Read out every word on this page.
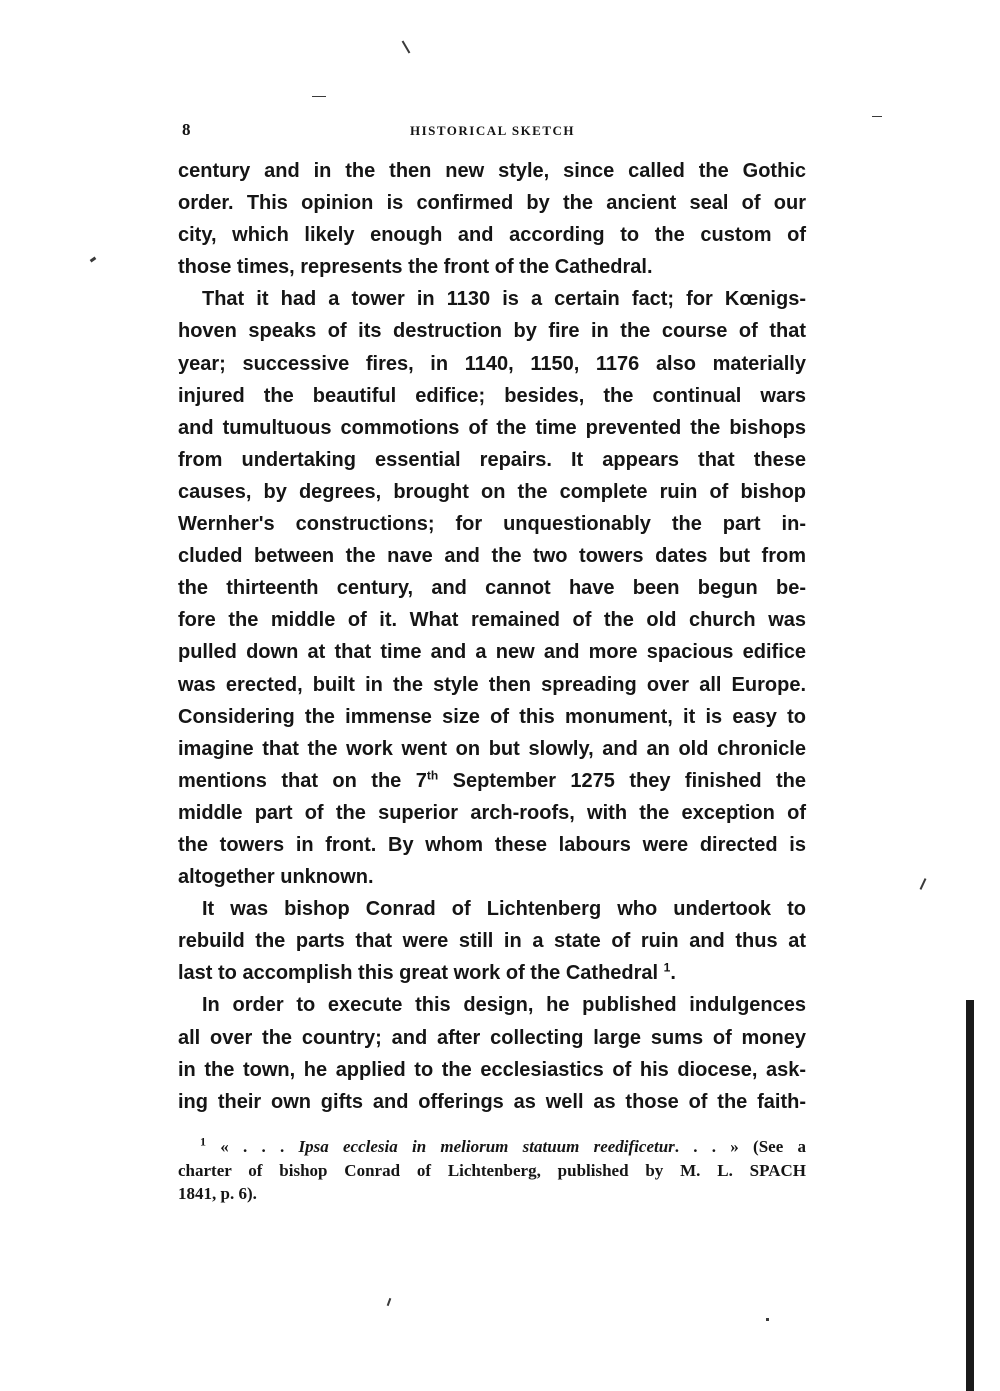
8	HISTORICAL SKETCH
century and in the then new style, since called the Gothic
order. This opinion is confirmed by the ancient seal of our
city, which likely enough and according to the custom of
those times, represents the front of the Cathedral.
That it had a tower in 1130 is a certain fact; for Kœnigs-
hoven speaks of its destruction by fire in the course of that
year; successive fires, in 1140, 1150, 1176 also materially
injured the beautiful edifice; besides, the continual wars
and tumultuous commotions of the time prevented the bishops
from undertaking essential repairs. It appears that these
causes, by degrees, brought on the complete ruin of bishop
Wernher's constructions; for unquestionably the part in-
cluded between the nave and the two towers dates but from
the thirteenth century, and cannot have been begun be-
fore the middle of it. What remained of the old church was
pulled down at that time and a new and more spacious edifice
was erected, built in the style then spreading over all Europe.
Considering the immense size of this monument, it is easy to
imagine that the work went on but slowly, and an old chronicle
mentions that on the 7th September 1275 they finished the
middle part of the superior arch-roofs, with the exception of
the towers in front. By whom these labours were directed is
altogether unknown.
It was bishop Conrad of Lichtenberg who undertook to
rebuild the parts that were still in a state of ruin and thus at
last to accomplish this great work of the Cathedral $^1$.
In order to execute this design, he published indulgences
all over the country; and after collecting large sums of money
in the town, he applied to the ecclesiastics of his diocese, ask-
ing their own gifts and offerings as well as those of the faith-
$^1$ « . . . Ipsa ecclesia in meliorum statuum reedificetur. . . » (See a
charter of bishop Conrad of Lichtenberg, published by M. L. SPACH
1841, p. 6).
